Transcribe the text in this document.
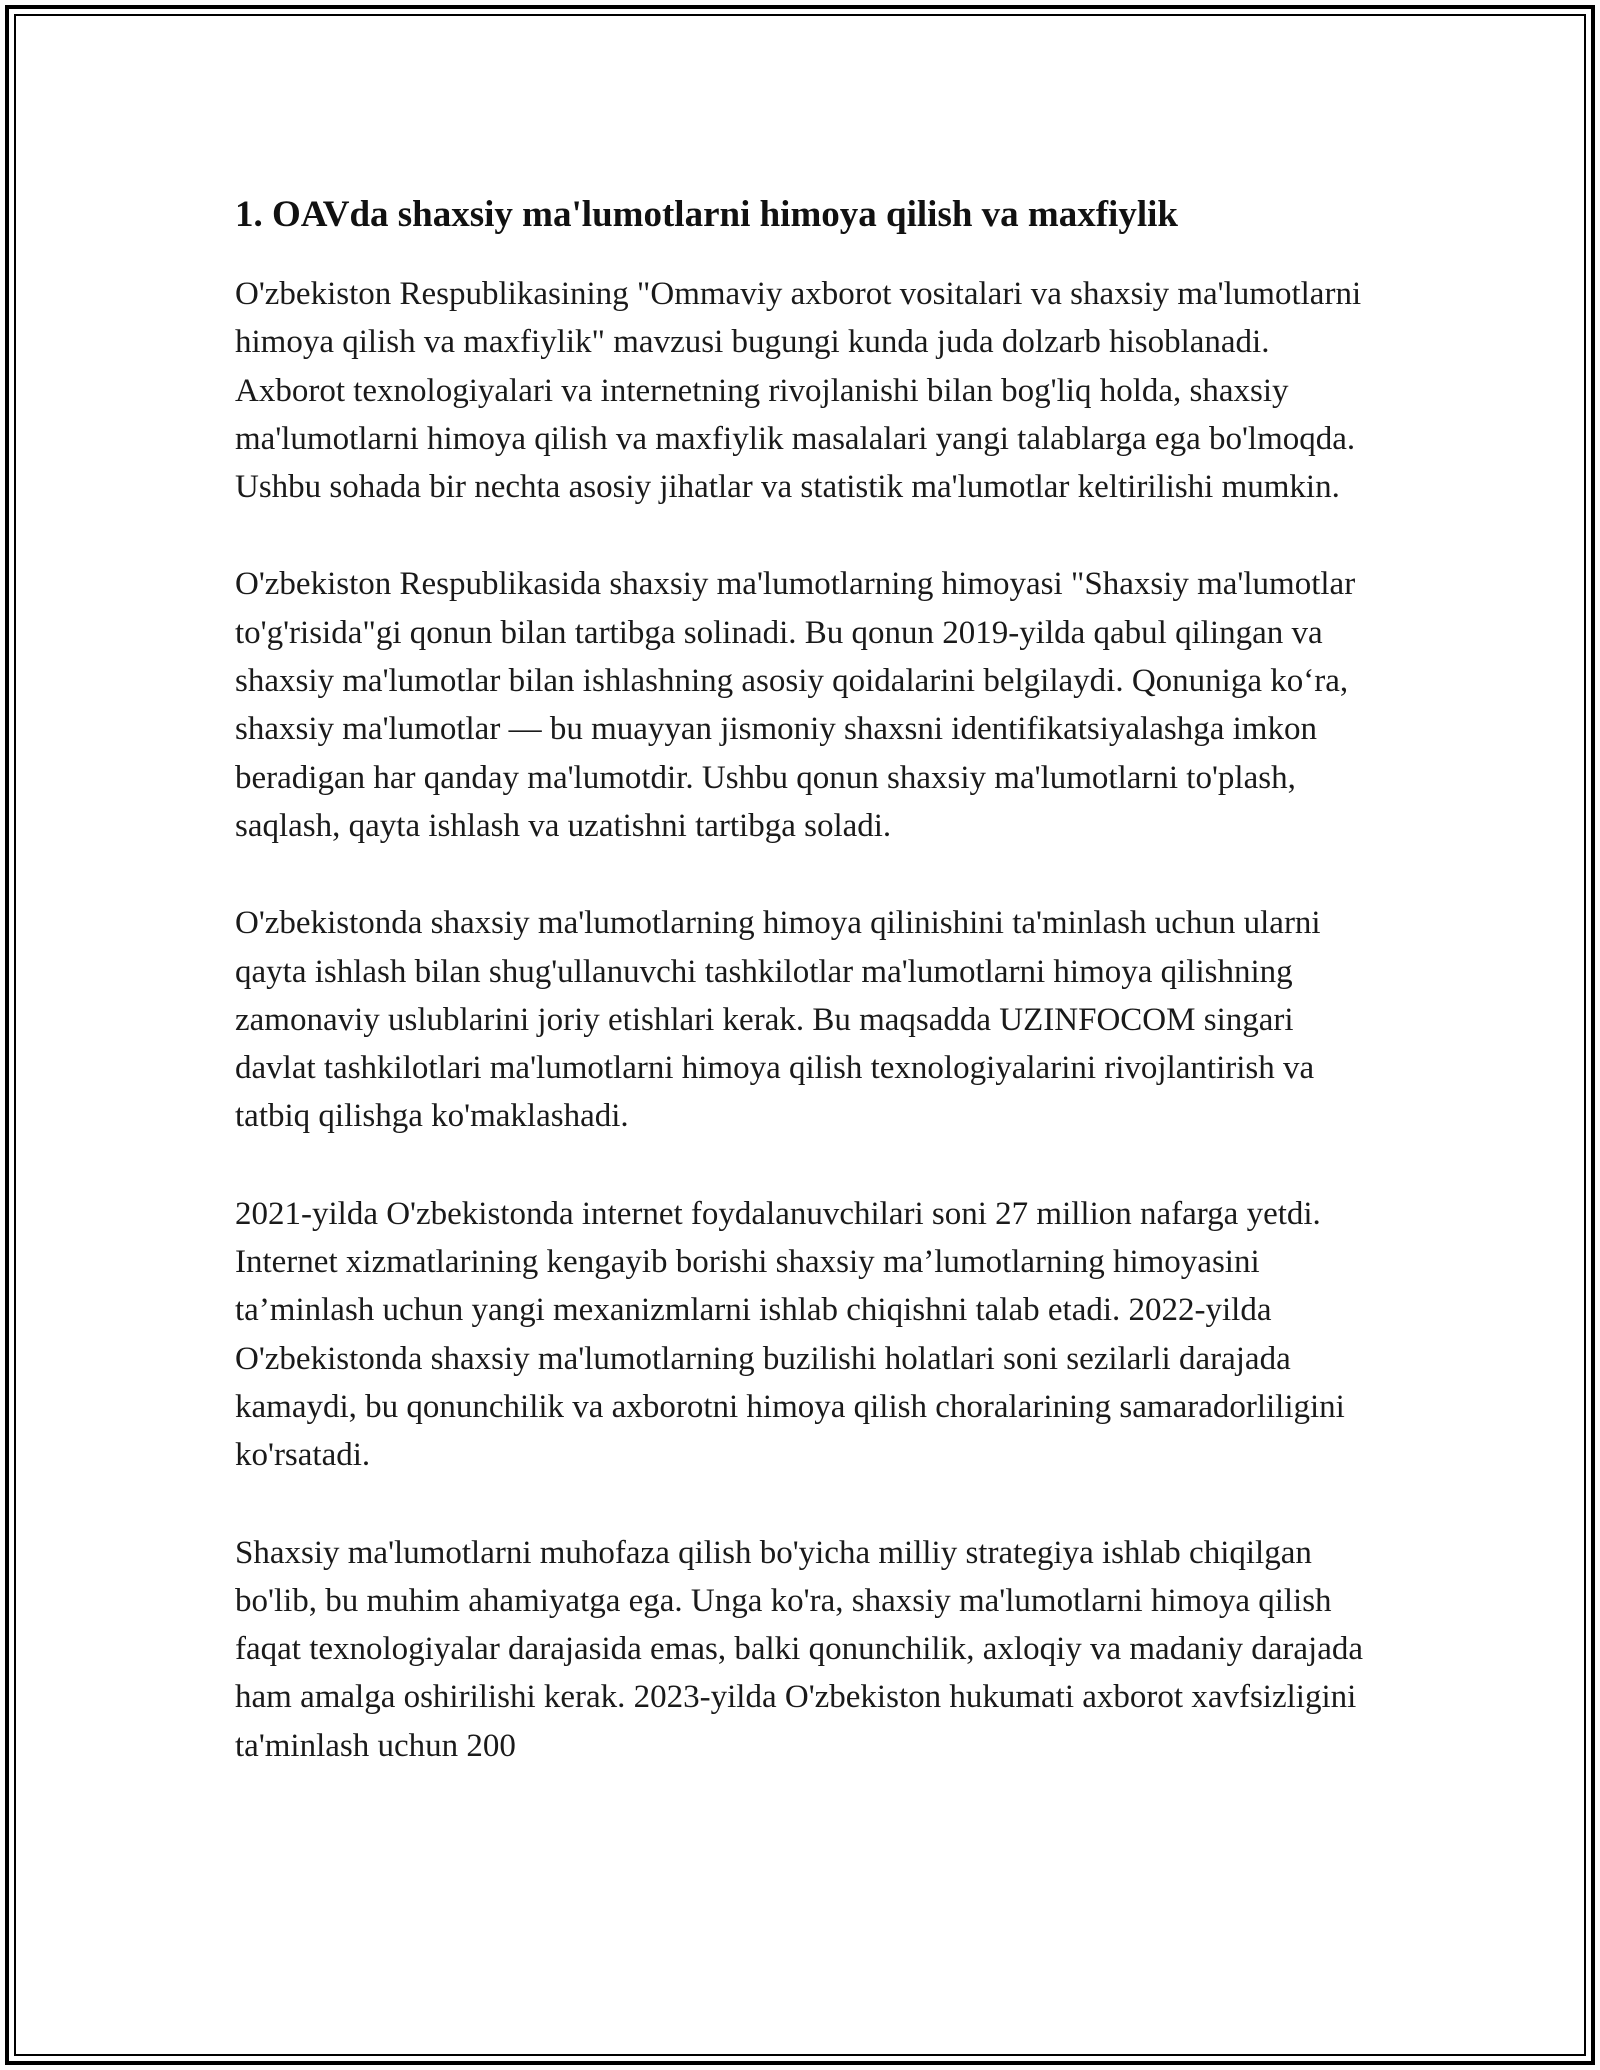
1. OAVda shaxsiy ma'lumotlarni himoya qilish va maxfiylik

O'zbekiston Respublikasining "Ommaviy axborot vositalari va shaxsiy ma'lumotlarni himoya qilish va maxfiylik" mavzusi bugungi kunda juda dolzarb hisoblanadi. Axborot texnologiyalari va internetning rivojlanishi bilan bog'liq holda, shaxsiy ma'lumotlarni himoya qilish va maxfiylik masalalari yangi talablarga ega bo'lmoqda. Ushbu sohada bir nechta asosiy jihatlar va statistik ma'lumotlar keltirilishi mumkin.

O'zbekiston Respublikasida shaxsiy ma'lumotlarning himoyasi "Shaxsiy ma'lumotlar to'g'risida"gi qonun bilan tartibga solinadi. Bu qonun 2019-yilda qabul qilingan va shaxsiy ma'lumotlar bilan ishlashning asosiy qoidalarini belgilaydi. Qonuniga ko‘ra, shaxsiy ma'lumotlar — bu muayyan jismoniy shaxsni identifikatsiyalashga imkon beradigan har qanday ma'lumotdir. Ushbu qonun shaxsiy ma'lumotlarni to'plash, saqlash, qayta ishlash va uzatishni tartibga soladi.

O'zbekistonda shaxsiy ma'lumotlarning himoya qilinishini ta'minlash uchun ularni qayta ishlash bilan shug'ullanuvchi tashkilotlar ma'lumotlarni himoya qilishning zamonaviy uslublarini joriy etishlari kerak. Bu maqsadda UZINFOCOM singari davlat tashkilotlari ma'lumotlarni himoya qilish texnologiyalarini rivojlantirish va tatbiq qilishga ko'maklashadi.

2021-yilda O'zbekistonda internet foydalanuvchilari soni 27 million nafarga yetdi. Internet xizmatlarining kengayib borishi shaxsiy ma’lumotlarning himoyasini ta’minlash uchun yangi mexanizmlarni ishlab chiqishni talab etadi. 2022-yilda O'zbekistonda shaxsiy ma'lumotlarning buzilishi holatlari soni sezilarli darajada kamaydi, bu qonunchilik va axborotni himoya qilish choralarining samaradorliligini ko'rsatadi.

Shaxsiy ma'lumotlarni muhofaza qilish bo'yicha milliy strategiya ishlab chiqilgan bo'lib, bu muhim ahamiyatga ega. Unga ko'ra, shaxsiy ma'lumotlarni himoya qilish faqat texnologiyalar darajasida emas, balki qonunchilik, axloqiy va madaniy darajada ham amalga oshirilishi kerak. 2023-yilda O'zbekiston hukumati axborot xavfsizligini ta'minlash uchun 200
